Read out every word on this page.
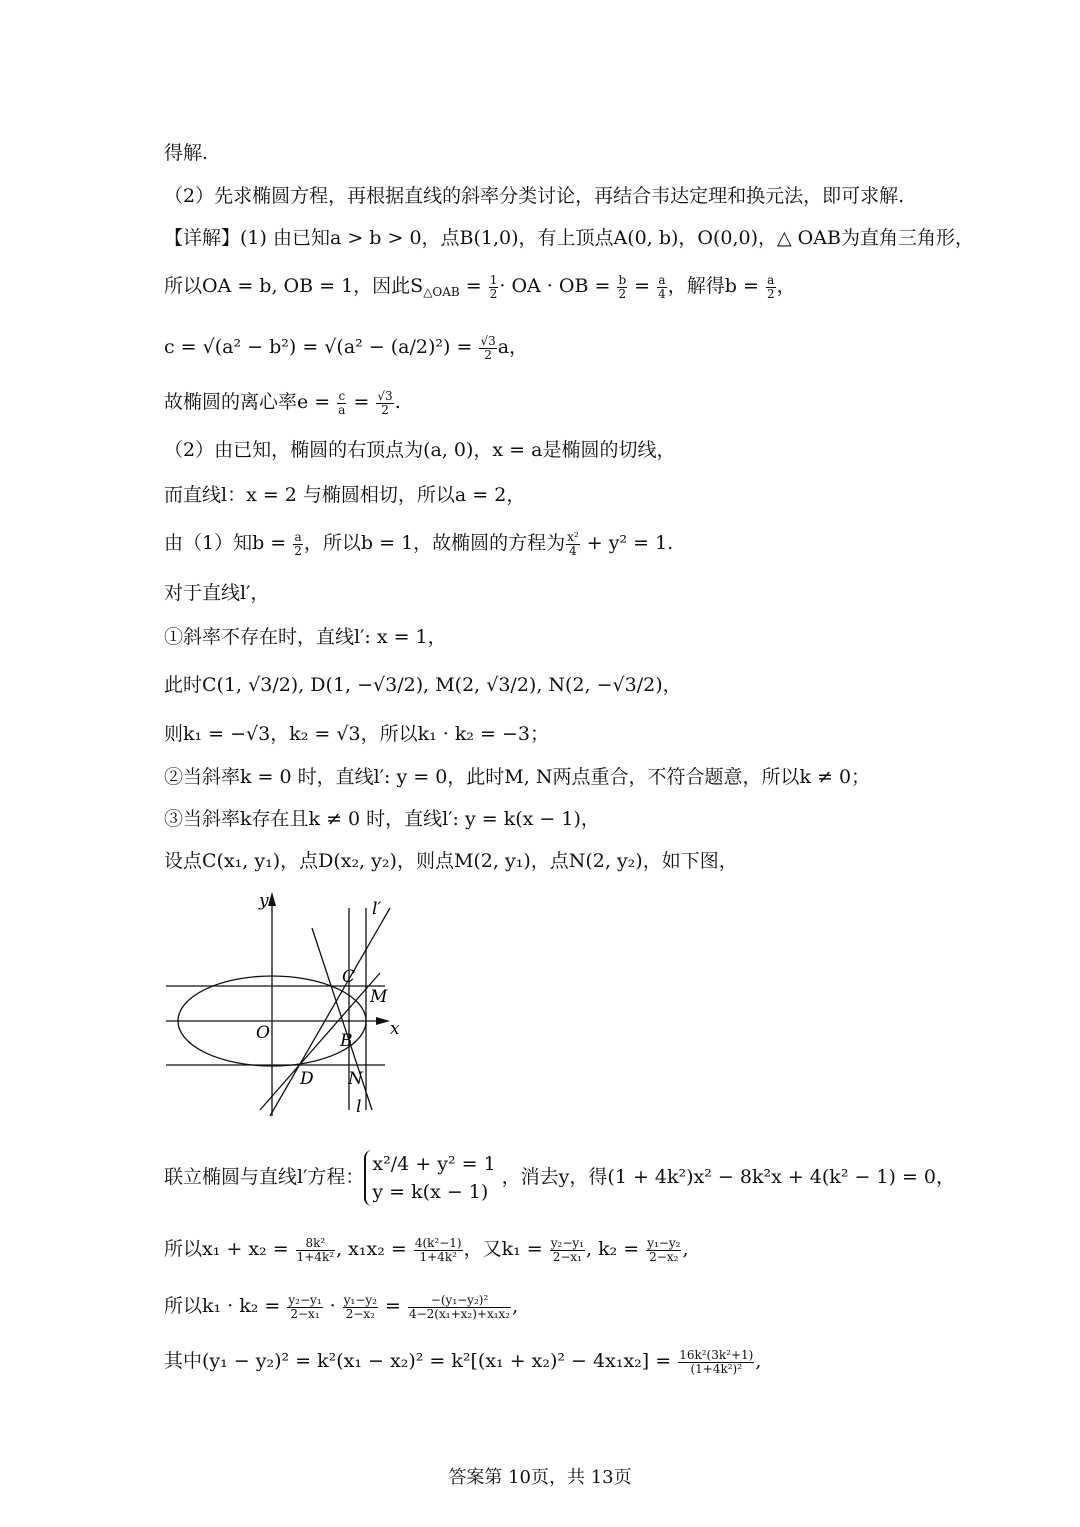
得解.
（2）先求椭圆方程，再根据直线的斜率分类讨论，再结合韦达定理和换元法，即可求解.
【详解】(1) 由已知a > b > 0，点B(1,0)，有上顶点A(0, b)，O(0,0)，△ OAB为直角三角形，
所以OA = b, OB = 1，因此$S_{\triangle OAB} = \frac{1}{2}$ · OA · OB = $\frac{b}{2} = \frac{a}{4}$ ，解得$b = \frac{a}{2}$ ，
$c = √(a^2 - b^2) = √(a^2 - (a/2)^2) = \frac{√3}{2}$ a，
故椭圆的离心率$e = \frac{c}{a} = \frac{√3}{2}$ .
（2）由已知，椭圆的右顶点为(a, 0)，x = a是椭圆的切线，
而直线l：x = 2 与椭圆相切，所以a = 2，
由（1）知$b = \frac{a}{2}$ ，所以b = 1，故椭圆的方程为 $\frac{\text{x²}}{4} + y^2 = 1$.
对于直线l′，
①斜率不存在时，直线l′: x = 1，
此时C(1, √3/2), D(1, −√3/2), M(2, √3/2), N(2, −√3/2)，
则k₁ = −√3，k₂ = √3，所以k₁ · k₂ = −3；
②当斜率k = 0 时，直线l′: y = 0，此时M, N两点重合，不符合题意，所以k ≠ 0；
③当斜率k存在且k ≠ 0 时，直线l′: y = k(x − 1)，
设点C(x₁, y₁)，点D(x₂, y₂)，则点M(2, y₁)，点N(2, y₂)，如下图，
y	l′
C
M
O	x
B
D N
l
联立椭圆与直线l′方程：
x²/4 + y² = 1
y = k(x − 1)
，消去y，得(1 + 4k²)x² − 8k²x + 4(k² − 1) = 0，
所以$x_1 + x_2 = \frac{\text{8k²}}{\text{1+4k²}}$ , $x_1x_2 = \frac{\text{4(k²−1)}}{\text{1+4k²}}$ ，又$k_1 = \frac{\text{y₂−y₁}}{\text{2−x₁}}$ , $k_2 = \frac{\text{y₁−y₂}}{\text{2−x₂}}$ ,
所以$k_1 \cdot k_2 = \frac{\text{y₂−y₁}}{\text{2−x₁}} \cdot \frac{\text{y₁−y₂}}{\text{2−x₂}} = \frac{\text{−(y₁−y₂)²}}{\text{4−2(x₁+x₂)+x₁x₂}}$ ,
其中$(y_1 - y_2)^2 = k^2(x_1 - x_2)^2 = k^2[(x_1 + x_2)^2 - 4x_1x_2] = \frac{\text{16k²(3k²+1)}}{\text{(1+4k²)²}}$ ,
答案第 10页，共 13页
